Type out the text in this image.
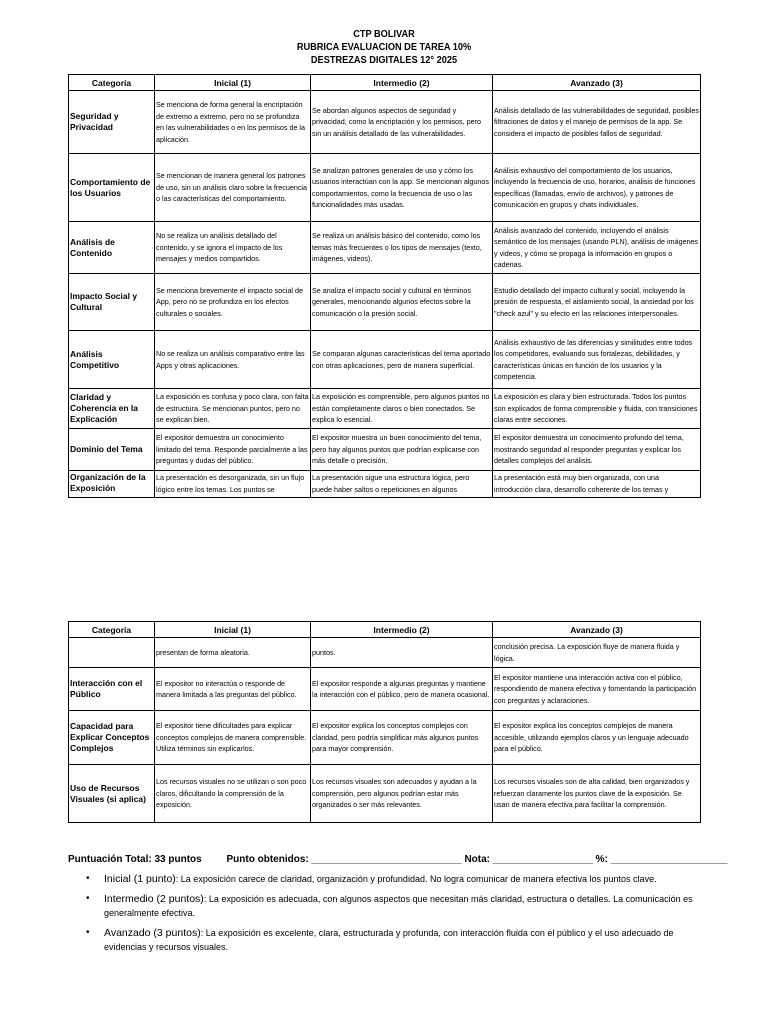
CTP BOLIVAR
RUBRICA EVALUACION DE TAREA 10%
DESTREZAS DIGITALES 12° 2025
Categoría	Inicial (1)	Intermedio (2)	Avanzado (3)
Seguridad y Privacidad	Se menciona de forma general la encriptación de extremo a extremo, pero no se profundiza en las vulnerabilidades o en los permisos de la aplicación.	Se abordan algunos aspectos de seguridad y privacidad, como la encriptación y los permisos, pero sin un análisis detallado de las vulnerabilidades.	Análisis detallado de las vulnerabilidades de seguridad, posibles filtraciones de datos y el manejo de permisos de la app. Se considera el impacto de posibles fallos de seguridad.
Comportamiento de los Usuarios	Se mencionan de manera general los patrones de uso, sin un análisis claro sobre la frecuencia o las características del comportamiento.	Se analizan patrones generales de uso y cómo los usuarios interactúan con la app. Se mencionan algunos comportamientos, como la frecuencia de uso o las funcionalidades más usadas.	Análisis exhaustivo del comportamiento de los usuarios, incluyendo la frecuencia de uso, horarios, análisis de funciones específicas (llamadas, envío de archivos), y patrones de comunicación en grupos y chats individuales.
Análisis de Contenido	No se realiza un análisis detallado del contenido, y se ignora el impacto de los mensajes y medios compartidos.	Se realiza un análisis básico del contenido, como los temas más frecuentes o los tipos de mensajes (texto, imágenes, videos).	Análisis avanzado del contenido, incluyendo el análisis semántico de los mensajes (usando PLN), análisis de imágenes y videos, y cómo se propaga la información en grupos o cadenas.
Impacto Social y Cultural	Se menciona brevemente el impacto social de App, pero no se profundiza en los efectos culturales o sociales.	Se analiza el impacto social y cultural en términos generales, mencionando algunos efectos sobre la comunicación o la presión social.	Estudio detallado del impacto cultural y social, incluyendo la presión de respuesta, el aislamiento social, la ansiedad por los "check azul" y su efecto en las relaciones interpersonales.
Análisis Competitivo	No se realiza un análisis comparativo entre las Apps y otras aplicaciones.	Se comparan algunas características del tema aportado con otras aplicaciones, pero de manera superficial.	Análisis exhaustivo de las diferencias y similitudes entre todos los competidores, evaluando sus fortalezas, debilidades, y características únicas en función de los usuarios y la competencia.
Claridad y Coherencia en la Explicación	La exposición es confusa y poco clara, con falta de estructura. Se mencionan puntos, pero no se explican bien.	La exposición es comprensible, pero algunos puntos no están completamente claros o bien conectados. Se explica lo esencial.	La exposición es clara y bien estructurada. Todos los puntos son explicados de forma comprensible y fluida, con transiciones claras entre secciones.
Dominio del Tema	El expositor demuestra un conocimiento limitado del tema. Responde parcialmente a las preguntas y dudas del público.	El expositor muestra un buen conocimiento del tema, pero hay algunos puntos que podrían explicarse con más detalle o precisión.	El expositor demuestra un conocimiento profundo del tema, mostrando seguridad al responder preguntas y explicar los detalles complejos del análisis.

Organización de la Exposición	La presentación es desorganizada, sin un flujo lógico entre los temas. Los puntos se	La presentación sigue una estructura lógica, pero puede haber saltos o repeticiones en algunos	La presentación está muy bien organizada, con una introducción clara, desarrollo coherente de los temas y
Categoría	Inicial (1)	Intermedio (2)	Avanzado (3)
	presentan de forma aleatoria.	puntos.	conclusión precisa. La exposición fluye de manera fluida y lógica.
Interacción con el Público	El expositor no interactúa o responde de manera limitada a las preguntas del público.	El expositor responde a algunas preguntas y mantiene la interacción con el público, pero de manera ocasional.	El expositor mantiene una interacción activa con el público, respondiendo de manera efectiva y fomentando la participación con preguntas y aclaraciones.
Capacidad para Explicar Conceptos Complejos	El expositor tiene dificultades para explicar conceptos complejos de manera comprensible. Utiliza términos sin explicarlos.	El expositor explica los conceptos complejos con claridad, pero podría simplificar más algunos puntos para mayor comprensión.	El expositor explica los conceptos complejos de manera accesible, utilizando ejemplos claros y un lenguaje adecuado para el público.
Uso de Recursos Visuales (si aplica)	Los recursos visuales no se utilizan o son poco claros, dificultando la comprensión de la exposición.	Los recursos visuales son adecuados y ayudan a la comprensión, pero algunos podrían estar más organizados o ser más relevantes.	Los recursos visuales son de alta calidad, bien organizados y refuerzan claramente los puntos clave de la exposición. Se usan de manera efectiva para facilitar la comprensión.
Puntuación Total: 33 puntos Punto obtenidos: ___________________________ Nota: __________________ %: _____________________
• Inicial (1 punto): La exposición carece de claridad, organización y profundidad. No logra comunicar de manera efectiva los puntos clave.
• Intermedio (2 puntos): La exposición es adecuada, con algunos aspectos que necesitan más claridad, estructura o detalles. La comunicación es generalmente efectiva.
• Avanzado (3 puntos): La exposición es excelente, clara, estructurada y profunda, con interacción fluida con el público y el uso adecuado de evidencias y recursos visuales.
